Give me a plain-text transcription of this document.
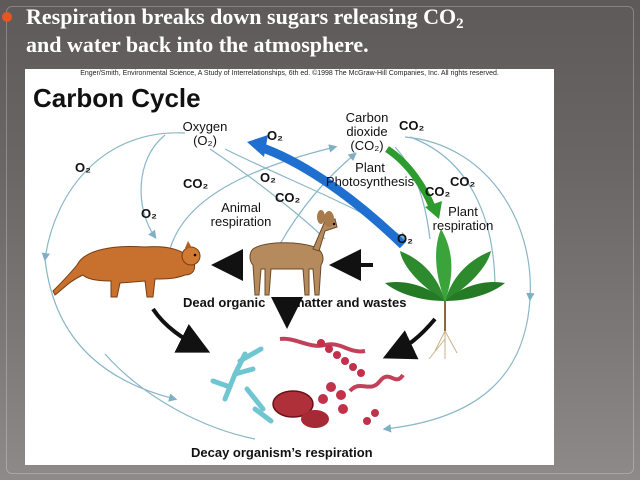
Respiration breaks down sugars releasing $CO_2$
and water back into the atmosphere.
Enger/Smith, Environmental Science, A Study of Interrelationships, 6th ed. ©1998 The McGraw-Hill Companies, Inc. All rights reserved.
Carbon Cycle
Oxygen
(O₂)
Carbon
dioxide
(CO₂)
Plant
Photosynthesis
Animal
respiration
Plant
respiration
Dead organic matter and wastes
Decay organism’s respiration
O₂
O₂
O₂
O₂
O₂
CO₂
CO₂
CO₂
CO₂
CO₂
